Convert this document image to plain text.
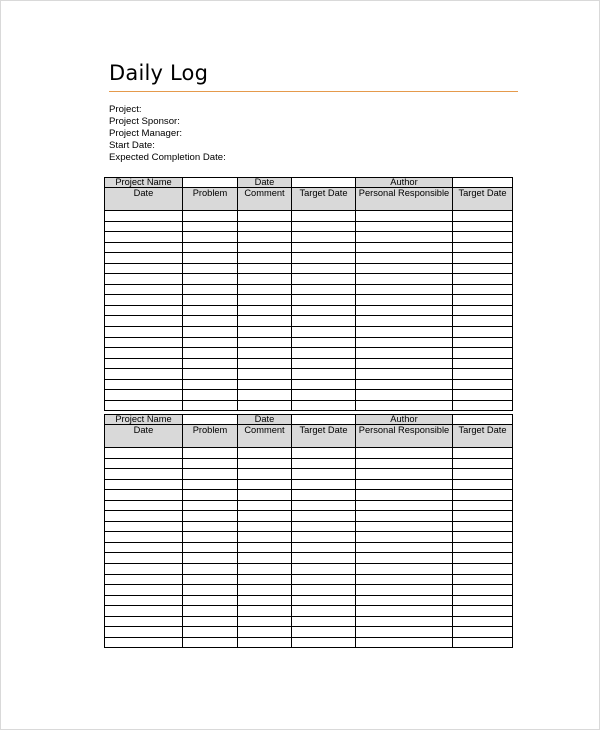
Daily Log
Project:
Project Sponsor:
Project Manager:
Start Date:
Expected Completion Date:
Project Name		Date		Author	
Date	Problem	Comment	Target Date	Personal Responsible	Target Date

Project Name		Date		Author	
Date	Problem	Comment	Target Date	Personal Responsible	Target Date
